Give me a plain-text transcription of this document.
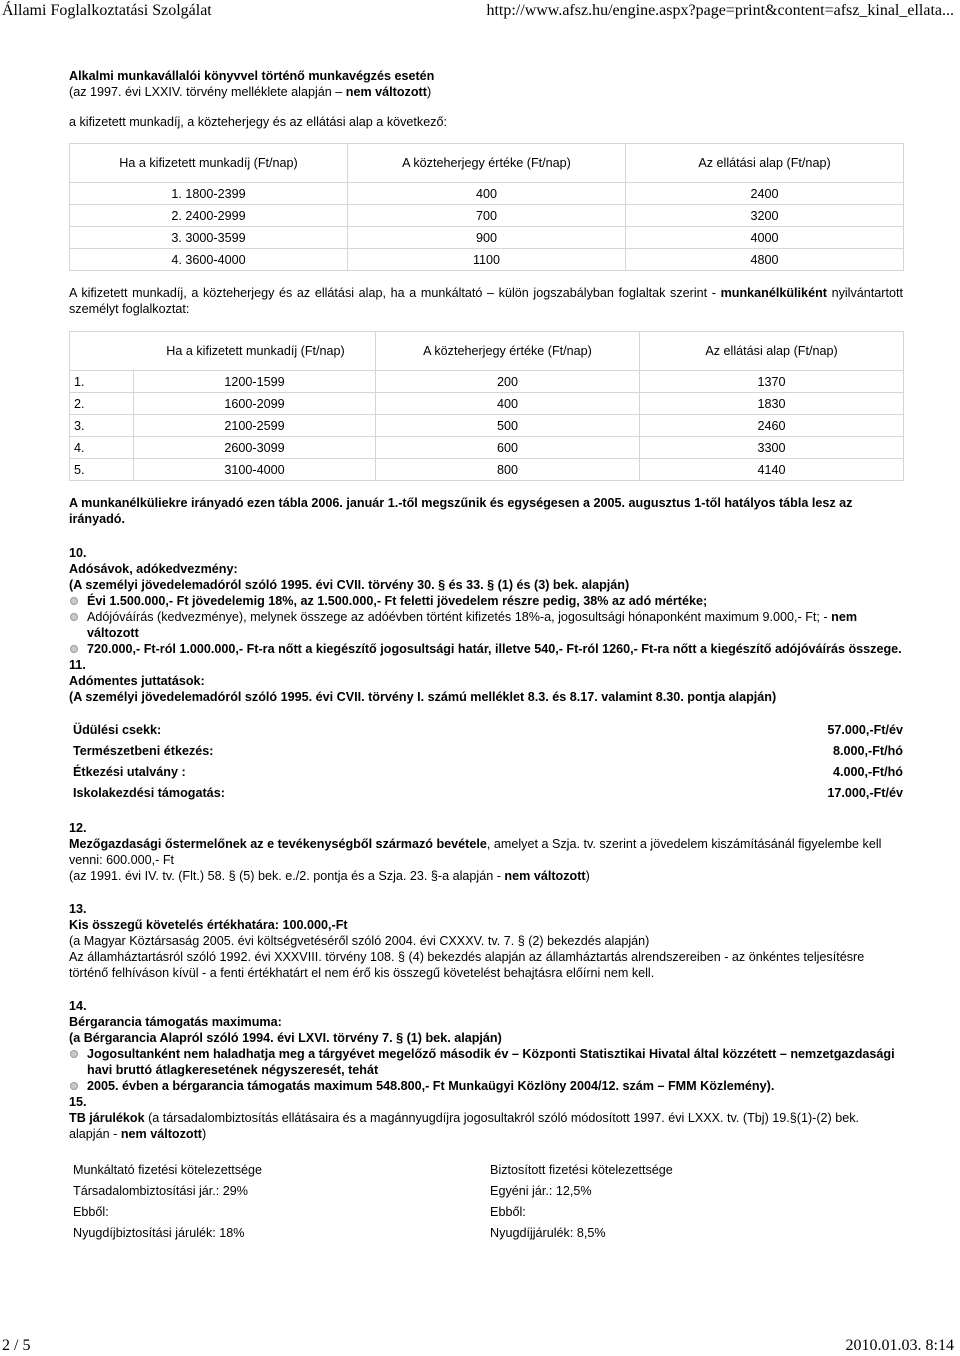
Állami Foglalkoztatási Szolgálat	http://www.afsz.hu/engine.aspx?page=print&content=afsz_kinal_ellata...
Alkalmi munkavállalói könyvvel történő munkavégzés esetén
(az 1997. évi LXXIV. törvény melléklete alapján – nem változott)
a kifizetett munkadíj, a közteherjegy és az ellátási alap a következő:
Ha a kifizetett munkadíj (Ft/nap)	A közteherjegy értéke (Ft/nap)	Az ellátási alap (Ft/nap)
1. 1800-2399	400	2400
2. 2400-2999	700	3200
3. 3000-3599	900	4000
4. 3600-4000	1100	4800
A kifizetett munkadíj, a közteherjegy és az ellátási alap, ha a munkáltató – külön jogszabályban foglaltak szerint - munkanélküliként nyilvántartott személyt foglalkoztat:
Ha a kifizetett munkadíj (Ft/nap)		A közteherjegy értéke (Ft/nap)	Az ellátási alap (Ft/nap)
1.	1200-1599	200	1370
2.	1600-2099	400	1830
3.	2100-2599	500	2460
4.	2600-3099	600	3300
5.	3100-4000	800	4140
A munkanélküliekre irányadó ezen tábla 2006. január 1.-től megszűnik és egységesen a 2005. augusztus 1-től hatályos tábla lesz az irányadó.
10.
Adósávok, adókedvezmény:
(A személyi jövedelemadóról szóló 1995. évi CVII. törvény 30. § és 33. § (1) és (3) bek. alapján)
Évi 1.500.000,- Ft jövedelemig 18%, az 1.500.000,- Ft feletti jövedelem részre pedig, 38% az adó mértéke;
Adójóváírás (kedvezménye), melynek összege az adóévben történt kifizetés 18%-a, jogosultsági hónaponként maximum 9.000,- Ft; - nem változott
720.000,- Ft-ról 1.000.000,- Ft-ra nőtt a kiegészítő jogosultsági határ, illetve 540,- Ft-ról 1260,- Ft-ra nőtt a kiegészítő adójóváírás összege.
11.
Adómentes juttatások:
(A személyi jövedelemadóról szóló 1995. évi CVII. törvény I. számú melléklet 8.3. és 8.17. valamint 8.30. pontja alapján)
Üdülési csekk:	57.000,-Ft/év
Természetbeni étkezés:	8.000,-Ft/hó
Étkezési utalvány :	4.000,-Ft/hó
Iskolakezdési támogatás:	17.000,-Ft/év
12.
Mezőgazdasági őstermelőnek az e tevékenységből származó bevétele, amelyet a Szja. tv. szerint a jövedelem kiszámításánál figyelembe kell venni: 600.000,- Ft
(az 1991. évi IV. tv. (Flt.) 58. § (5) bek. e./2. pontja és a Szja. 23. §-a alapján - nem változott)
13.
Kis összegű követelés értékhatára: 100.000,-Ft
(a Magyar Köztársaság 2005. évi költségvetéséről szóló 2004. évi CXXXV. tv. 7. § (2) bekezdés alapján)
Az államháztartásról szóló 1992. évi XXXVIII. törvény 108. § (4) bekezdés alapján az államháztartás alrendszereiben - az önkéntes teljesítésre történő felhíváson kívül - a fenti értékhatárt el nem érő kis összegű követelést behajtásra előírni nem kell.
14.
Bérgarancia támogatás maximuma:
(a Bérgarancia Alapról szóló 1994. évi LXVI. törvény 7. § (1) bek. alapján)
Jogosultanként nem haladhatja meg a tárgyévet megelőző második év – Központi Statisztikai Hivatal által közzétett – nemzetgazdasági havi bruttó átlagkeresetének négyszeresét, tehát
2005. évben a bérgarancia támogatás maximum 548.800,- Ft Munkaügyi Közlöny 2004/12. szám – FMM Közlemény).
15.
TB járulékok (a társadalombiztosítás ellátásaira és a magánnyugdíjra jogosultakról szóló módosított 1997. évi LXXX. tv. (Tbj) 19.§(1)-(2) bek. alapján - nem változott)
Munkáltató fizetési kötelezettsége	Biztosított fizetési kötelezettsége
Társadalombiztosítási jár.: 29%	Egyéni jár.: 12,5%
Ebből:	Ebből:
Nyugdíjbiztosítási járulék: 18%	Nyugdíjjárulék: 8,5%
2 / 5	2010.01.03. 8:14
